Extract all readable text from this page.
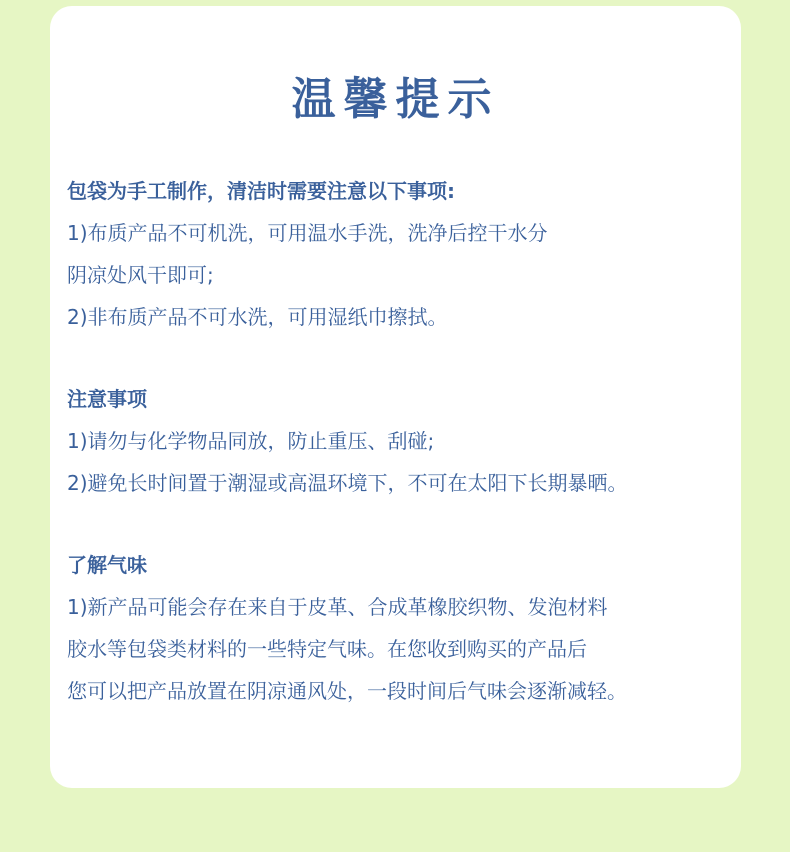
温馨提示
包袋为手工制作，清洁时需要注意以下事项:
1)布质产品不可机洗，可用温水手洗，洗净后控干水分
阴凉处风干即可;
2)非布质产品不可水洗，可用湿纸巾擦拭。
注意事项
1)请勿与化学物品同放，防止重压、刮碰;
2)避免长时间置于潮湿或高温环境下，不可在太阳下长期暴晒。
了解气味
1)新产品可能会存在来自于皮革、合成革橡胶织物、发泡材料
胶水等包袋类材料的一些特定气味。在您收到购买的产品后
您可以把产品放置在阴凉通风处，一段时间后气味会逐渐减轻。
